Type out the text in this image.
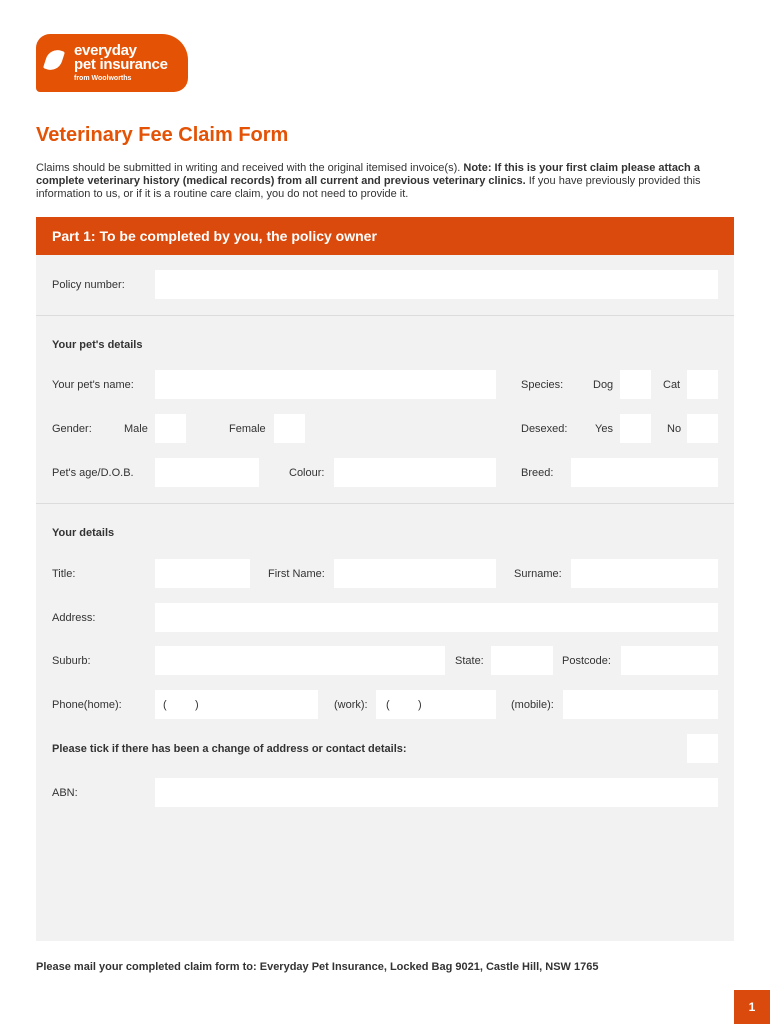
everyday
pet insurance
from Woolworths
Veterinary Fee Claim Form
Claims should be submitted in writing and received with the original itemised invoice(s). Note: If this is your first claim please attach a complete veterinary history (medical records) from all current and previous veterinary clinics. If you have previously provided this information to us, or if it is a routine care claim, you do not need to provide it.
Part 1: To be completed by you, the policy owner
Policy number:
Your pet's details
Your pet's name:	Species:	Dog	Cat
Gender:	Male	Female	Desexed:	Yes	No
Pet's age/D.O.B.	Colour:	Breed:
Your details
Title:	First Name:	Surname:
Address:
Suburb:	State:	Postcode:
Phone(home):	(	)	(work): (	)	(mobile):
Please tick if there has been a change of address or contact details:
ABN:
Please mail your completed claim form to: Everyday Pet Insurance, Locked Bag 9021, Castle Hill, NSW 1765
1
